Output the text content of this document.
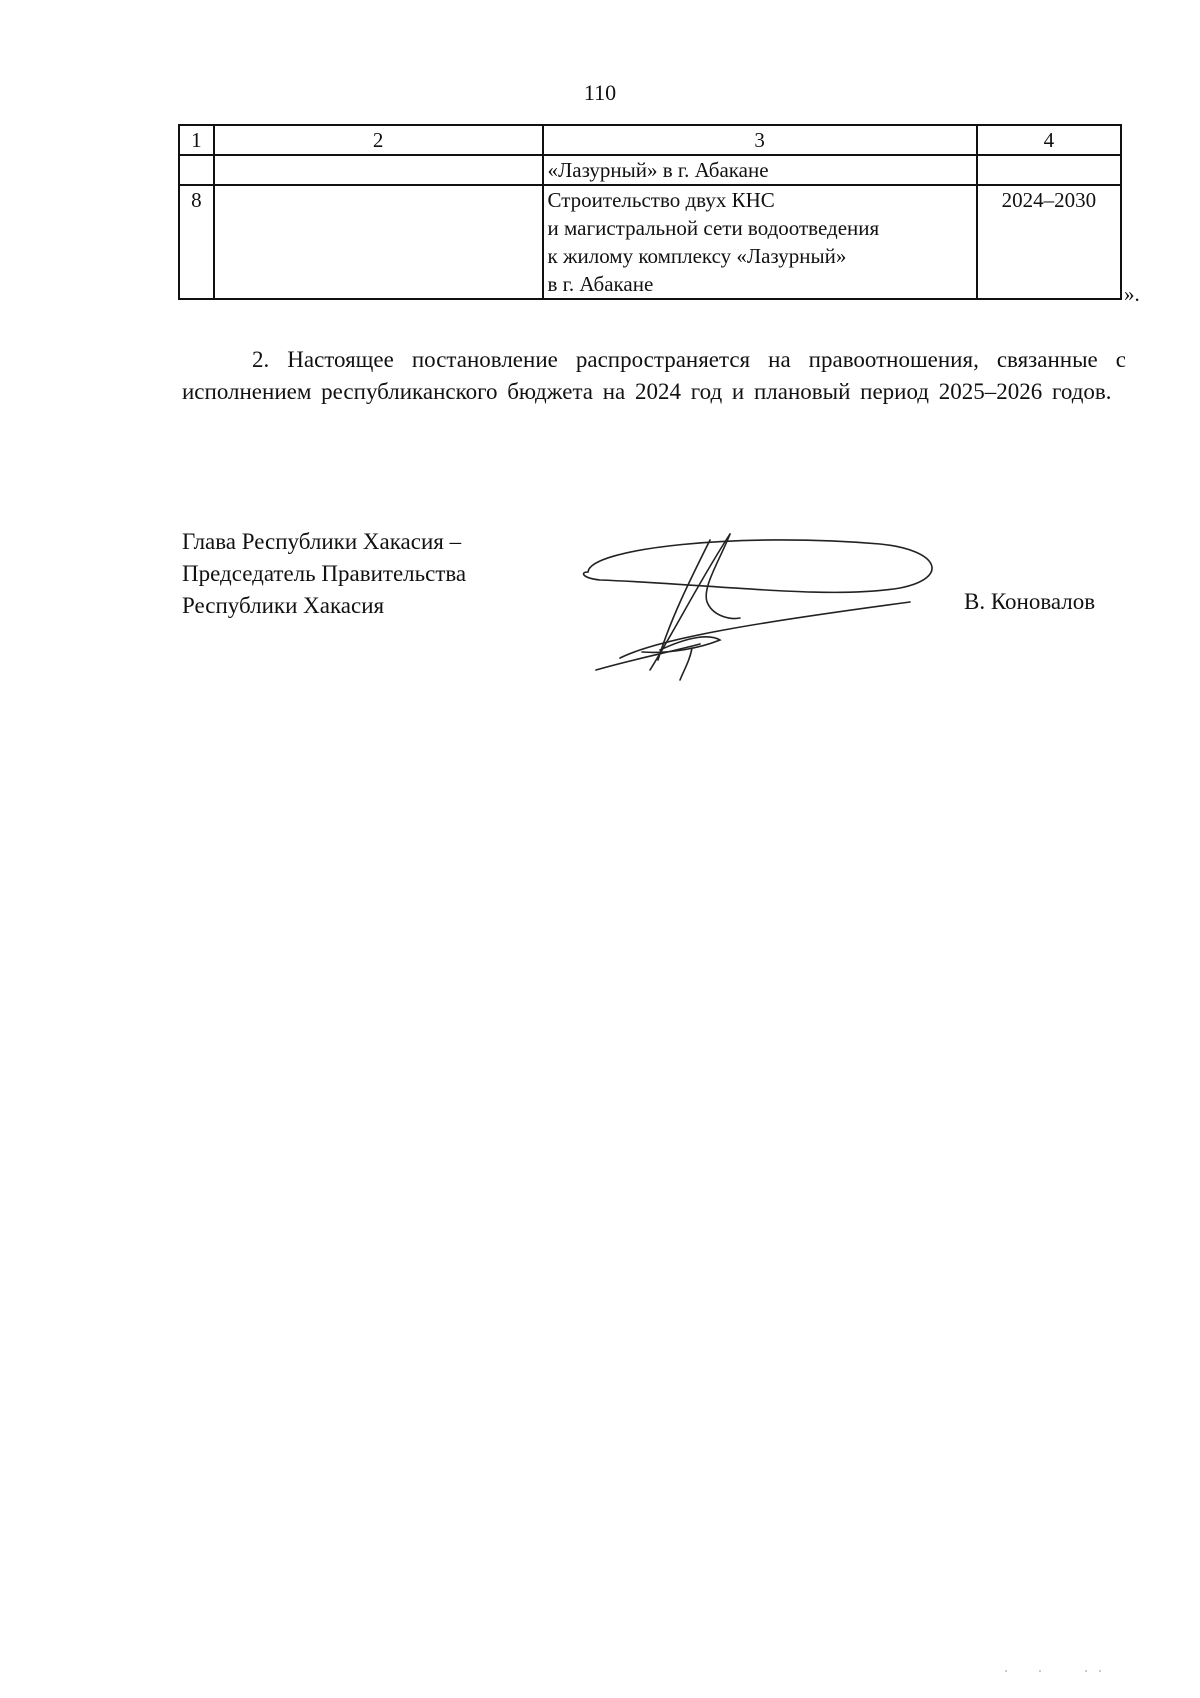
110
1	2	3	4
		«Лазурный» в г. Абакане	
8		Строительство двух КНС
и магистральной сети водоотведения
к жилому комплексу «Лазурный»
в г. Абакане	2024–2030
».
2. Настоящее постановление распространяется на правоотношения, связанные с исполнением республиканского бюджета на 2024 год и плановый период 2025–2026 годов.
Глава Республики Хакасия –
Председатель Правительства
Республики Хакасия	В. Коновалов
